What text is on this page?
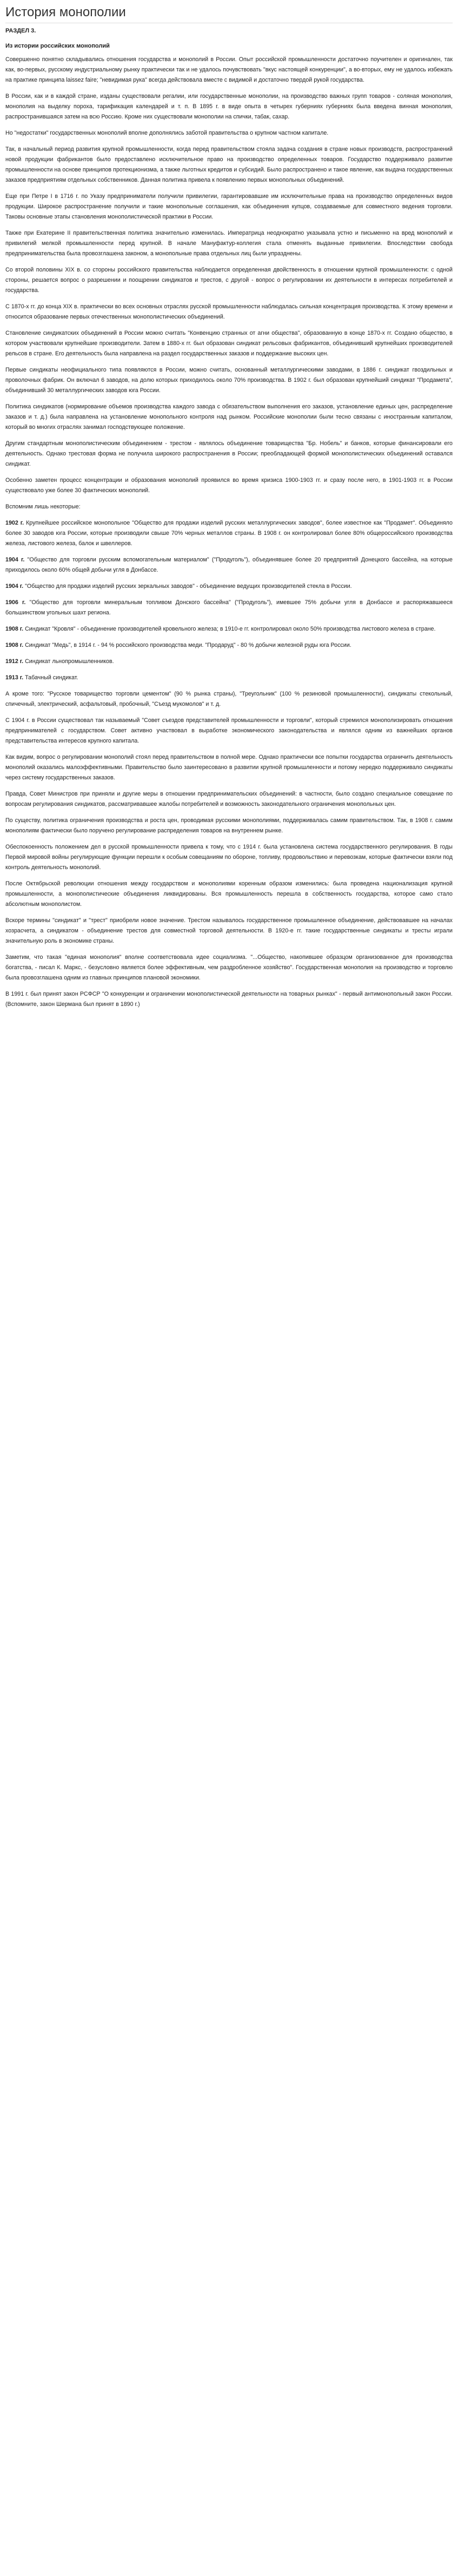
История монополии
РАЗДЕЛ 3.
Из истории российских монополий

Совершенно понятно складывались отношения государства и монополий в России. Опыт российской промышленности достаточно поучителен и оригинален, так как, во-первых, русскому индустриальному рынку практически так и не удалось почувствовать "вкус настоящей конкуренции", а во-вторых, ему не удалось избежать на практике принципа laissez faire; "невидимая рука" всегда действовала вместе с видимой и достаточно твердой рукой государства.

В России, как и в каждой стране, изданы существовали регалии, или государственные монополии, на производство важных групп товаров - соляная монополия, монополия на выделку пороха, тарификация календарей и т. п. В 1895 г. в виде опыта в четырех губерниях губерниях была введена винная монополия, распространившаяся затем на всю Россию. Кроме них существовали монополии на спички, табак, сахар.

Но "недостатки" государственных монополий вполне дополнялись заботой правительства о крупном частном капитале.

Так, в начальный период развития крупной промышленности, когда перед правительством стояла задача создания в стране новых производств, распространений новой продукции фабрикантов было предоставлено исключительное право на производство определенных товаров. Государство поддерживало развитие промышленности на основе принципов протекционизма, а также льготных кредитов и субсидий. Было распространено и такое явление, как выдача государственных заказов предприятиям отдельных собственников. Данная политика привела к появлению первых монопольных объединений.

Еще при Петре I в 1716 г. по Указу предприниматели получили привилегии, гарантировавшие им исключительные права на производство определенных видов продукции. Широкое распространение получили и такие монопольные соглашения, как объединения купцов, создаваемые для совместного ведения торговли. Таковы основные этапы становления монополистической практики в России.

Также при Екатерине II правительственная политика значительно изменилась. Императрица неоднократно указывала устно и письменно на вред монополий и привилегий мелкой промышленности перед крупной. В начале Мануфактур-коллегия стала отменять выданные привилегии. Впоследствии свобода предпринимательства была провозглашена законом, а монопольные права отдельных лиц были упразднены.

Со второй половины XIX в. со стороны российского правительства наблюдается определенная двойственность в отношении крупной промышленности: с одной стороны, решается вопрос о разрешении и поощрении синдикатов и трестов, с другой - вопрос о регулировании их деятельности в интересах потребителей и государства.

С 1870-х гг. до конца XIX в. практически во всех основных отраслях русской промышленности наблюдалась сильная концентрация производства. К этому времени и относится образование первых отечественных монополистических объединений.

Становление синдикатских объединений в России можно считать "Конвенцию странных от агни общества", образованную в конце 1870-х гг. Создано общество, в котором участвовали крупнейшие производители. Затем в 1880-х гг. был образован синдикат рельсовых фабрикантов, объединивший крупнейших производителей рельсов в стране. Его деятельность была направлена на раздел государственных заказов и поддержание высоких цен.

Первые синдикаты неофициального типа появляются в России, можно считать, основанный металлургическими заводами, в 1886 г. синдикат гвоздильных и проволочных фабрик. Он включал 6 заводов, на долю которых приходилось около 70% производства. В 1902 г. был образован крупнейший синдикат "Продамета", объединивший 30 металлургических заводов юга России.

Политика синдикатов (нормирование объемов производства каждого завода с обязательством выполнения его заказов, установление единых цен, распределение заказов и т. д.) была направлена на установление монопольного контроля над рынком. Российские монополии были тесно связаны с иностранным капиталом, который во многих отраслях занимал господствующее положение.

Другим стандартным монополистическим объединением - трестом - являлось объединение товарищества "Бр. Нобель" и банков, которые финансировали его деятельность. Однако трестовая форма не получила широкого распространения в России; преобладающей формой монополистических объединений оставался синдикат.

Особенно заметен процесс концентрации и образования монополий проявился во время кризиса 1900-1903 гг. и сразу после него, в 1901-1903 гг. в России существовало уже более 30 фактических монополий.

Вспомним лишь некоторые:

1902 г. Крупнейшее российское монопольное "Общество для продажи изделий русских металлургических заводов", более известное как "Продамет". Объединяло более 30 заводов юга России, которые производили свыше 70% черных металлов страны. В 1908 г. он контролировал более 80% общероссийского производства железа, листового железа, балок и швеллеров.

1904 г. "Общество для торговли русским вспомогательным материалом" ("Продуголь"), объединявшее более 20 предприятий Донецкого бассейна, на которые приходилось около 60% общей добычи угля в Донбассе.

1904 г. "Общество для продажи изделий русских зеркальных заводов" - объединение ведущих производителей стекла в России.

1906 г. "Общество для торговли минеральным топливом Донского бассейна" ("Продуголь"), имевшее 75% добычи угля в Донбассе и распоряжавшееся большинством угольных шахт региона.

1908 г. Синдикат "Кровля" - объединение производителей кровельного железа; в 1910-е гг. контролировал около 50% производства листового железа в стране.

1908 г. Синдикат "Медь", в 1914 г. - 94 % российского производства меди. "Продаруд" - 80 % добычи железной руды юга России.

1912 г. Синдикат льнопромышленников.

1913 г. Табачный синдикат.

А кроме того: "Русское товарищество торговли цементом" (90 % рынка страны), "Треугольник" (100 % резиновой промышленности), синдикаты стекольный, спичечный, электрический, асфальтовый, пробочный, "Съезд мукомолов" и т. д.

С 1904 г. в России существовал так называемый "Совет съездов представителей промышленности и торговли", который стремился монополизировать отношения предпринимателей с государством. Совет активно участвовал в выработке экономического законодательства и являлся одним из важнейших органов представительства интересов крупного капитала.

Как видим, вопрос о регулировании монополий стоял перед правительством в полной мере. Однако практически все попытки государства ограничить деятельность монополий оказались малоэффективными. Правительство было заинтересовано в развитии крупной промышленности и потому нередко поддерживало синдикаты через систему государственных заказов.

Правда, Совет Министров при приняли и другие меры в отношении предпринимательских объединений: в частности, было создано специальное совещание по вопросам регулирования синдикатов, рассматривавшее жалобы потребителей и возможность законодательного ограничения монопольных цен.

По существу, политика ограничения производства и роста цен, проводимая русскими монополиями, поддерживалась самим правительством. Так, в 1908 г. самим монополиям фактически было поручено регулирование распределения товаров на внутреннем рынке.

Обеспокоенность положением дел в русской промышленности привела к тому, что с 1914 г. была установлена система государственного регулирования. В годы Первой мировой войны регулирующие функции перешли к особым совещаниям по обороне, топливу, продовольствию и перевозкам, которые фактически взяли под контроль деятельность монополий.

После Октябрьской революции отношения между государством и монополиями коренным образом изменились: была проведена национализация крупной промышленности, а монополистические объединения ликвидированы. Вся промышленность перешла в собственность государства, которое само стало абсолютным монополистом.

Вскоре термины "синдикат" и "трест" приобрели новое значение. Трестом называлось государственное промышленное объединение, действовавшее на началах хозрасчета, а синдикатом - объединение трестов для совместной торговой деятельности. В 1920-е гг. такие государственные синдикаты и тресты играли значительную роль в экономике страны.

Заметим, что такая "единая монополия" вполне соответствовала идее социализма. "...Общество, накопившее образцом организованное для производства богатства, - писал К. Маркс, - безусловно является более эффективным, чем раздробленное хозяйство". Государственная монополия на производство и торговлю была провозглашена одним из главных принципов плановой экономики.

В 1991 г. был принят закон РСФСР "О конкуренции и ограничении монополистической деятельности на товарных рынках" - первый антимонопольный закон России. (Вспомните, закон Шермана был принят в 1890 г.)
